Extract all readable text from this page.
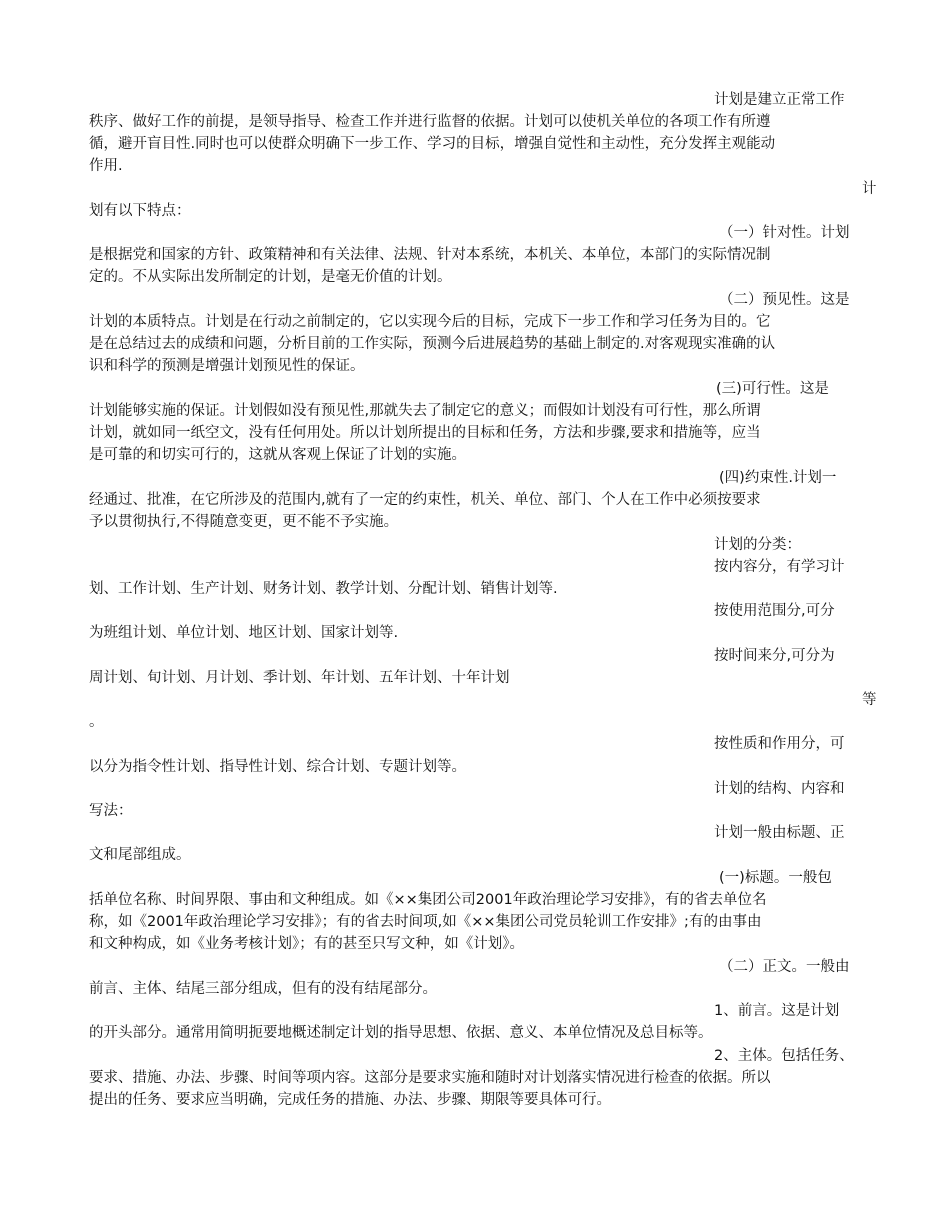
计划是建立正常工作
秩序、做好工作的前提，是领导指导、检查工作并进行监督的依据。计划可以使机关单位的各项工作有所遵
循，避开盲目性.同时也可以使群众明确下一步工作、学习的目标，增强自觉性和主动性，充分发挥主观能动
作用.
计
划有以下特点：
（一）针对性。计划
是根据党和国家的方针、政策精神和有关法律、法规、针对本系统，本机关、本单位，本部门的实际情况制
定的。不从实际出发所制定的计划，是毫无价值的计划。
（二）预见性。这是
计划的本质特点。计划是在行动之前制定的，它以实现今后的目标，完成下一步工作和学习任务为目的。它
是在总结过去的成绩和问题，分析目前的工作实际，预测今后进展趋势的基础上制定的.对客观现实准确的认
识和科学的预测是增强计划预见性的保证。
(三)可行性。这是
计划能够实施的保证。计划假如没有预见性,那就失去了制定它的意义；而假如计划没有可行性，那么所谓
计划，就如同一纸空文，没有任何用处。所以计划所提出的目标和任务，方法和步骤,要求和措施等，应当
是可靠的和切实可行的，这就从客观上保证了计划的实施。
(四)约束性.计划一
经通过、批准，在它所涉及的范围内,就有了一定的约束性，机关、单位、部门、个人在工作中必须按要求
予以贯彻执行,不得随意变更，更不能不予实施。
计划的分类：
按内容分，有学习计
划、工作计划、生产计划、财务计划、教学计划、分配计划、销售计划等.
按使用范围分,可分
为班组计划、单位计划、地区计划、国家计划等.
按时间来分,可分为
周计划、旬计划、月计划、季计划、年计划、五年计划、十年计划
等
。
按性质和作用分，可
以分为指令性计划、指导性计划、综合计划、专题计划等。
计划的结构、内容和
写法：
计划一般由标题、正
文和尾部组成。
(一)标题。一般包
括单位名称、时间界限、事由和文种组成。如《××集团公司2001年政治理论学习安排》，有的省去单位名
称，如《2001年政治理论学习安排》；有的省去时间项,如《××集团公司党员轮训工作安排》;有的由事由
和文种构成，如《业务考核计划》；有的甚至只写文种，如《计划》。
（二）正文。一般由
前言、主体、结尾三部分组成，但有的没有结尾部分。
1、前言。这是计划
的开头部分。通常用简明扼要地概述制定计划的指导思想、依据、意义、本单位情况及总目标等。
2、主体。包括任务、
要求、措施、办法、步骤、时间等项内容。这部分是要求实施和随时对计划落实情况进行检查的依据。所以
提出的任务、要求应当明确，完成任务的措施、办法、步骤、期限等要具体可行。
